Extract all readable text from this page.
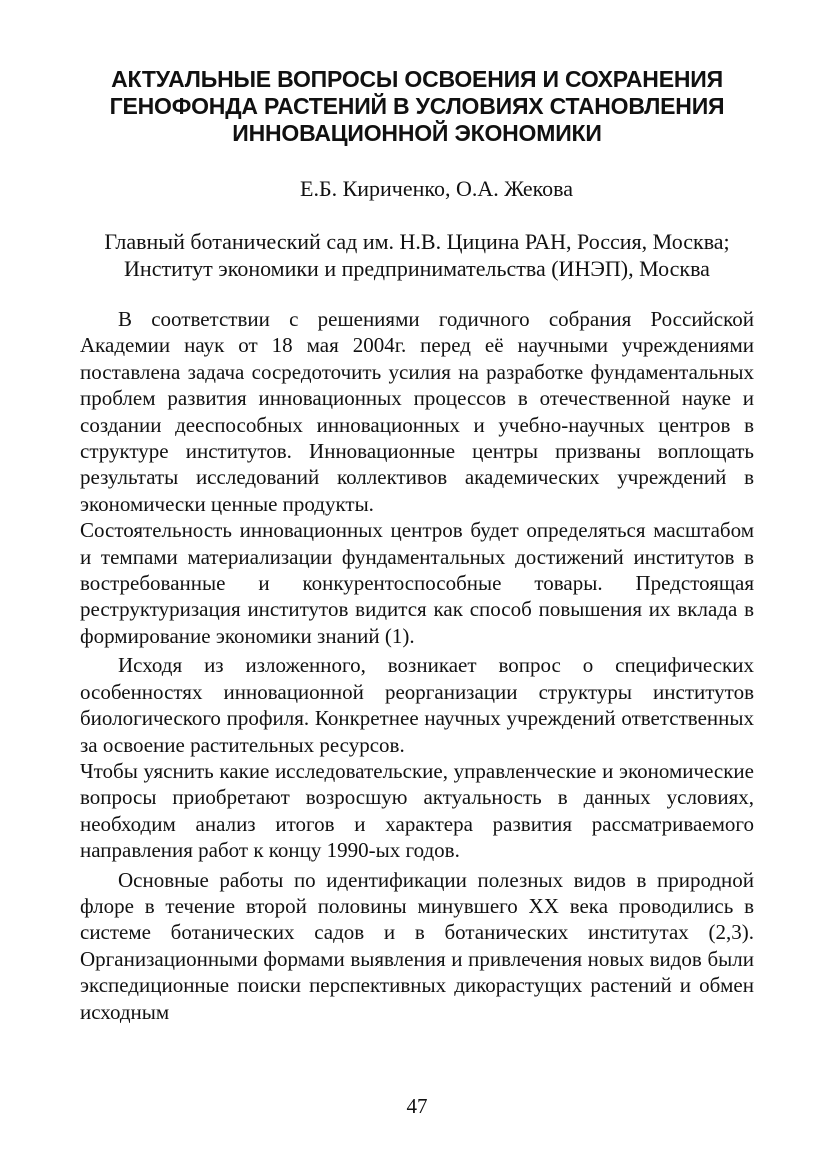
АКТУАЛЬНЫЕ ВОПРОСЫ ОСВОЕНИЯ И СОХРАНЕНИЯ
ГЕНОФОНДА РАСТЕНИЙ В УСЛОВИЯХ СТАНОВЛЕНИЯ
ИННОВАЦИОННОЙ ЭКОНОМИКИ
Е.Б. Кириченко, О.А. Жекова
Главный ботанический сад им. Н.В. Цицина РАН, Россия, Москва;
Институт экономики и предпринимательства (ИНЭП), Москва

В соответствии с решениями годичного собрания Российской Академии наук от 18 мая 2004г. перед её научными учреждениями поставлена задача сосредоточить усилия на разработке фундаментальных проблем развития инновационных процессов в отечественной науке и создании дееспособных инновационных и учебно-научных центров в структуре институтов. Инновационные центры призваны воплощать результаты исследований коллективов академических учреждений в экономически ценные продукты.

Состоятельность инновационных центров будет определяться масштабом и темпами материализации фундаментальных достижений институтов в востребованные и конкурентоспособные товары. Предстоящая реструктуризация институтов видится как способ повышения их вклада в формирование экономики знаний (1).

Исходя из изложенного, возникает вопрос о специфических особенностях инновационной реорганизации структуры институтов биологического профиля. Конкретнее научных учреждений ответственных за освоение растительных ресурсов.

Чтобы уяснить какие исследовательские, управленческие и экономические вопросы приобретают возросшую актуальность в данных условиях, необходим анализ итогов и характера развития рассматриваемого направления работ к концу 1990-ых годов.

Основные работы по идентификации полезных видов в природной флоре в течение второй половины минувшего ХХ века проводились в системе ботанических садов и в ботанических институтах (2,3). Организационными формами выявления и привлечения новых видов были экспедиционные поиски перспективных дикорастущих растений и обмен исходным

47
